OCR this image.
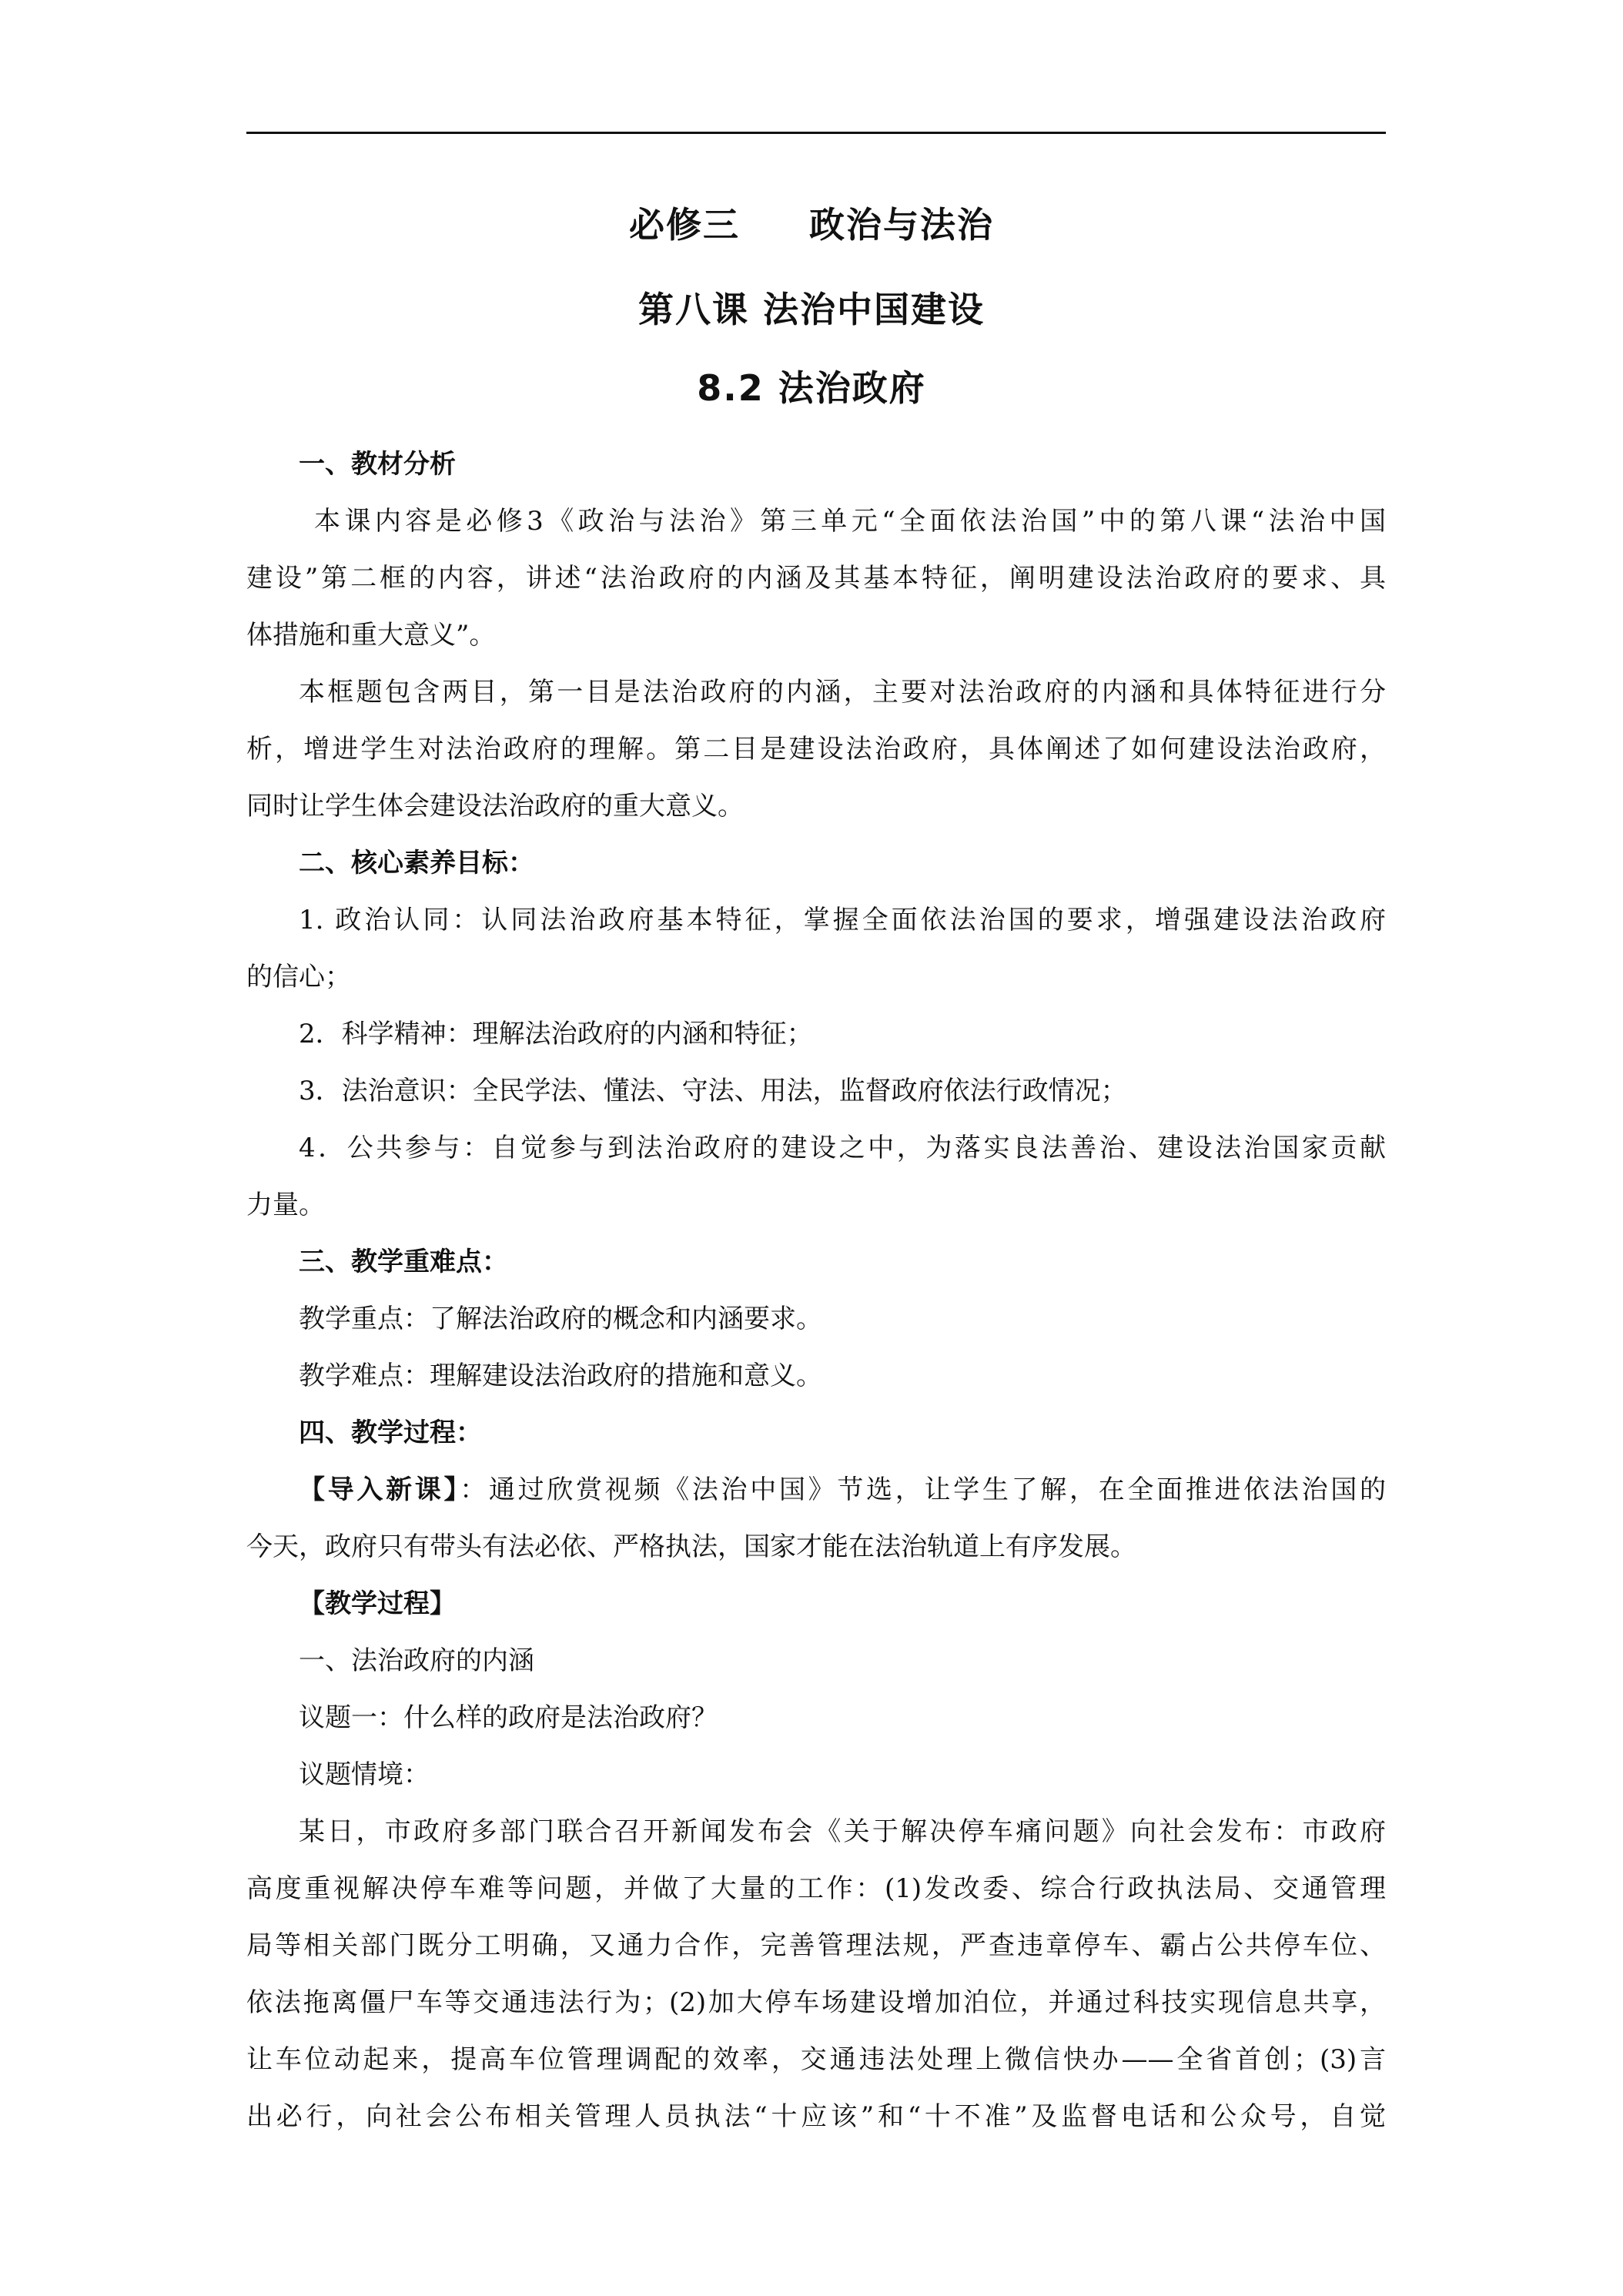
必修三 政治与法治
第八课 法治中国建设
8.2 法治政府
一、教材分析
本课内容是必修3《政治与法治》第三单元“全面依法治国”中的第八课“法治中国
建设”第二框的内容，讲述“法治政府的内涵及其基本特征，阐明建设法治政府的要求、具
体措施和重大意义”。
本框题包含两目，第一目是法治政府的内涵，主要对法治政府的内涵和具体特征进行分
析，增进学生对法治政府的理解。第二目是建设法治政府，具体阐述了如何建设法治政府，
同时让学生体会建设法治政府的重大意义。
二、核心素养目标：
1. 政治认同：认同法治政府基本特征，掌握全面依法治国的要求，增强建设法治政府
的信心；
2．科学精神：理解法治政府的内涵和特征；
3．法治意识：全民学法、懂法、守法、用法，监督政府依法行政情况；
4．公共参与：自觉参与到法治政府的建设之中，为落实良法善治、建设法治国家贡献
力量。
三、教学重难点：
教学重点：了解法治政府的概念和内涵要求。
教学难点：理解建设法治政府的措施和意义。
四、教学过程：
【导入新课】：通过欣赏视频《法治中国》节选，让学生了解，在全面推进依法治国的
今天，政府只有带头有法必依、严格执法，国家才能在法治轨道上有序发展。
【教学过程】
一、法治政府的内涵
议题一：什么样的政府是法治政府？
议题情境：
某日，市政府多部门联合召开新闻发布会《关于解决停车痛问题》向社会发布：市政府
高度重视解决停车难等问题，并做了大量的工作：(1)发改委、综合行政执法局、交通管理
局等相关部门既分工明确，又通力合作，完善管理法规，严查违章停车、霸占公共停车位、
依法拖离僵尸车等交通违法行为；(2)加大停车场建设增加泊位，并通过科技实现信息共享，
让车位动起来，提高车位管理调配的效率，交通违法处理上微信快办——全省首创；(3)言
出必行，向社会公布相关管理人员执法“十应该”和“十不准”及监督电话和公众号，自觉
